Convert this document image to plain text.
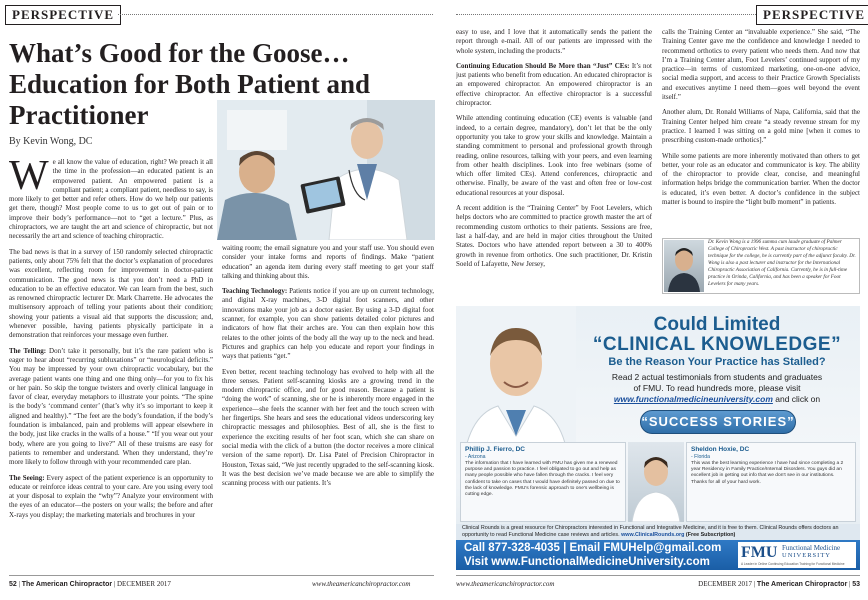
PERSPECTIVE
What’s Good for the Goose… Education for Both Patient and Practitioner
By Kevin Wong, DC

We all know the value of education, right? We preach it all the time in the profession—an educated patient is an empowered patient. An empowered patient is a compliant patient; a compliant patient, needless to say, is more likely to get better and refer others. How do we help our patients get there, though? Most people come to us to get out of pain or to improve their body’s performance—not to “get a lecture.” Plus, as chiropractors, we are taught the art and science of chiropractic, but not necessarily the art and science of teaching chiropractic.

The bad news is that in a survey of 150 randomly selected chiropractic patients, only about 75% felt that the doctor’s explanation of procedures was excellent, reflecting room for improvement in doctor-patient communication. The good news is that you don’t need a PhD in education to be an effective educator. We can learn from the best, such as renowned chiropractic lecturer Dr. Mark Charrette. He advocates the multisensory approach of telling your patients about their condition; showing your patients a visual aid that supports the discussion; and, whenever possible, having patients physically participate in a demonstration that reinforces your message even further.

The Telling: Don’t take it personally, but it’s the rare patient who is eager to hear about “recurring subluxations” or “neurological deficits.” You may be impressed by your own chiropractic vocabulary, but the average patient wants one thing and one thing only—for you to fix his or her pain. So skip the tongue twisters and overly clinical language in favor of clear, everyday metaphors to illustrate your points. “The spine is the body’s ‘command center’ (that’s why it’s so important to keep it aligned and healthy).” “The feet are the body’s foundation, if the body’s foundation is imbalanced, pain and problems will appear elsewhere in the body, just like cracks in the walls of a house.” “If you wear out your body, where are you going to live?” All of these truisms are easy for patients to remember and understand. When they understand, they’re more likely to follow through with your recommended care plan.

The Seeing: Every aspect of the patient experience is an opportunity to educate or reinforce ideas central to your care. Are you using every tool at your disposal to explain the “why”? Analyze your environment with the eyes of an educator—the posters on your walls; the before and after X-rays you display; the marketing materials and brochures in your

waiting room; the email signature you and your staff use. You should even consider your intake forms and reports of findings. Make “patient education” an agenda item during every staff meeting to get your staff talking and thinking about this.

Teaching Technology: Patients notice if you are up on current technology, and digital X-ray machines, 3-D digital foot scanners, and other innovations make your job as a doctor easier. By using a 3-D digital foot scanner, for example, you can show patients detailed color pictures and indicators of how flat their arches are. You can then explain how this relates to the other joints of the body all the way up to the neck and head. Pictures and graphics can help you educate and report your findings in ways that patients “get.”

Even better, recent teaching technology has evolved to help with all the three senses. Patient self-scanning kiosks are a growing trend in the modern chiropractic office, and for good reason. Because a patient is “doing the work” of scanning, she or he is inherently more engaged in the experience—she feels the scanner with her feet and the touch screen with her fingertips. She hears and sees the educational videos underscoring key chiropractic messages and philosophies. Best of all, she is the first to experience the exciting results of her foot scan, which she can share on social media with the click of a button (the doctor receives a more clinical version of the same report). Dr. Lisa Patel of Precision Chiropractor in Houston, Texas said, “We just recently upgraded to the self-scanning kiosk. It was the best decision we’ve made because we are able to simplify the scanning process with our patients. It’s

52 | The American Chiropractor | DECEMBER 2017	www.theamericanchiropractor.com
PERSPECTIVE

easy to use, and I love that it automatically sends the patient the report through e-mail. All of our patients are impressed with the whole system, including the products.”

Continuing Education Should Be More than “Just” CEs: It’s not just patients who benefit from education. An educated chiropractor is an empowered chiropractor. An empowered chiropractor is an effective chiropractor. An effective chiropractor is a successful chiropractor.

While attending continuing education (CE) events is valuable (and indeed, to a certain degree, mandatory), don’t let that be the only opportunity you take to grow your skills and knowledge. Maintain a standing commitment to personal and professional growth through reading, online resources, talking with your peers, and even learning from other health disciplines. Look into free webinars (some of which offer limited CEs). Attend conferences, chiropractic and otherwise. Finally, be aware of the vast and often free or low-cost educational resources at your disposal.

A recent addition is the “Training Center” by Foot Levelers, which helps doctors who are committed to practice growth master the art of recommending custom orthotics to their patients. Sessions are free, last a half-day, and are held in major cities throughout the United States. Doctors who have attended report between a 30 to 400% growth in revenue from orthotics. One such practitioner, Dr. Kristin Soeld of Lafayette, New Jersey,

calls the Training Center an “invaluable experience.” She said, “The Training Center gave me the confidence and knowledge I needed to recommend orthotics to every patient who needs them. And now that I’m a Training Center alum, Foot Levelers’ continued support of my practice—in terms of customized marketing, one-on-one advice, social media support, and access to their Practice Growth Specialists and executives anytime I need them—goes well beyond the event itself.”

Another alum, Dr. Ronald Williams of Napa, California, said that the Training Center helped him create “a steady revenue stream for my practice. I learned I was sitting on a gold mine [when it comes to prescribing custom-made orthotics].”

While some patients are more inherently motivated than others to get better, your role as an educator and communicator is key. The ability of the chiropractor to provide clear, concise, and meaningful information helps bridge the communication barrier. When the doctor is educated, it’s even better. A doctor’s confidence in the subject matter is bound to inspire the “light bulb moment” in patients.

Dr. Kevin Wong is a 1996 summa cum laude graduate of Palmer College of Chiropractic West. A past instructor of chiropractic technique for the college, he is currently part of the adjunct faculty. Dr. Wong is also a past lecturer and instructor for the International Chiropractic Association of California. Currently, he is in full-time practice in Orinda, California, and has been a speaker for Foot Levelers for many years.
Could Limited
“CLINICAL KNOWLEDGE”
Be the Reason Your Practice has Stalled?
Read 2 actual testimonials from students and graduates
of FMU. To read hundreds more, please visit
www.functionalmedicineuniversity.com and click on
“SUCCESS STORIES”
Phillip J. Fierro, DC
- Arizona
The information that I have learned with FMU has given me a renewed purpose and passion to practice. I feel obligated to go out and help as many people possible who have fallen through the cracks. I feel very confident to take on cases that I would have definitely passed on due to the lack of knowledge. FMU's forensic approach to one's wellbeing is cutting edge.
Sheldon Hoxie, DC
- Florida
This was the best learning experience I have had since completing a 2 year Residency in Family Practice/Internal Disorders. You guys did an excellent job in getting out info that we don't see in our institutions. Thanks for all of your hard work.
Clinical Rounds is a great resource for Chiropractors interested in Functional and Integrative Medicine, and it is free to them. Clinical Rounds offers doctors an opportunity to read Functional Medicine case reviews and articles. www.ClinicalRounds.org (Free Subscription)
Call 877-328-4035 | Email FMUHelp@gmail.com
Visit www.FunctionalMedicineUniversity.com
FMU Functional Medicine
UNIVERSITY
A Leader in Online Continuing Education Training for Functional Medicine
www.theamericanchiropractor.com	DECEMBER 2017 | The American Chiropractor | 53
